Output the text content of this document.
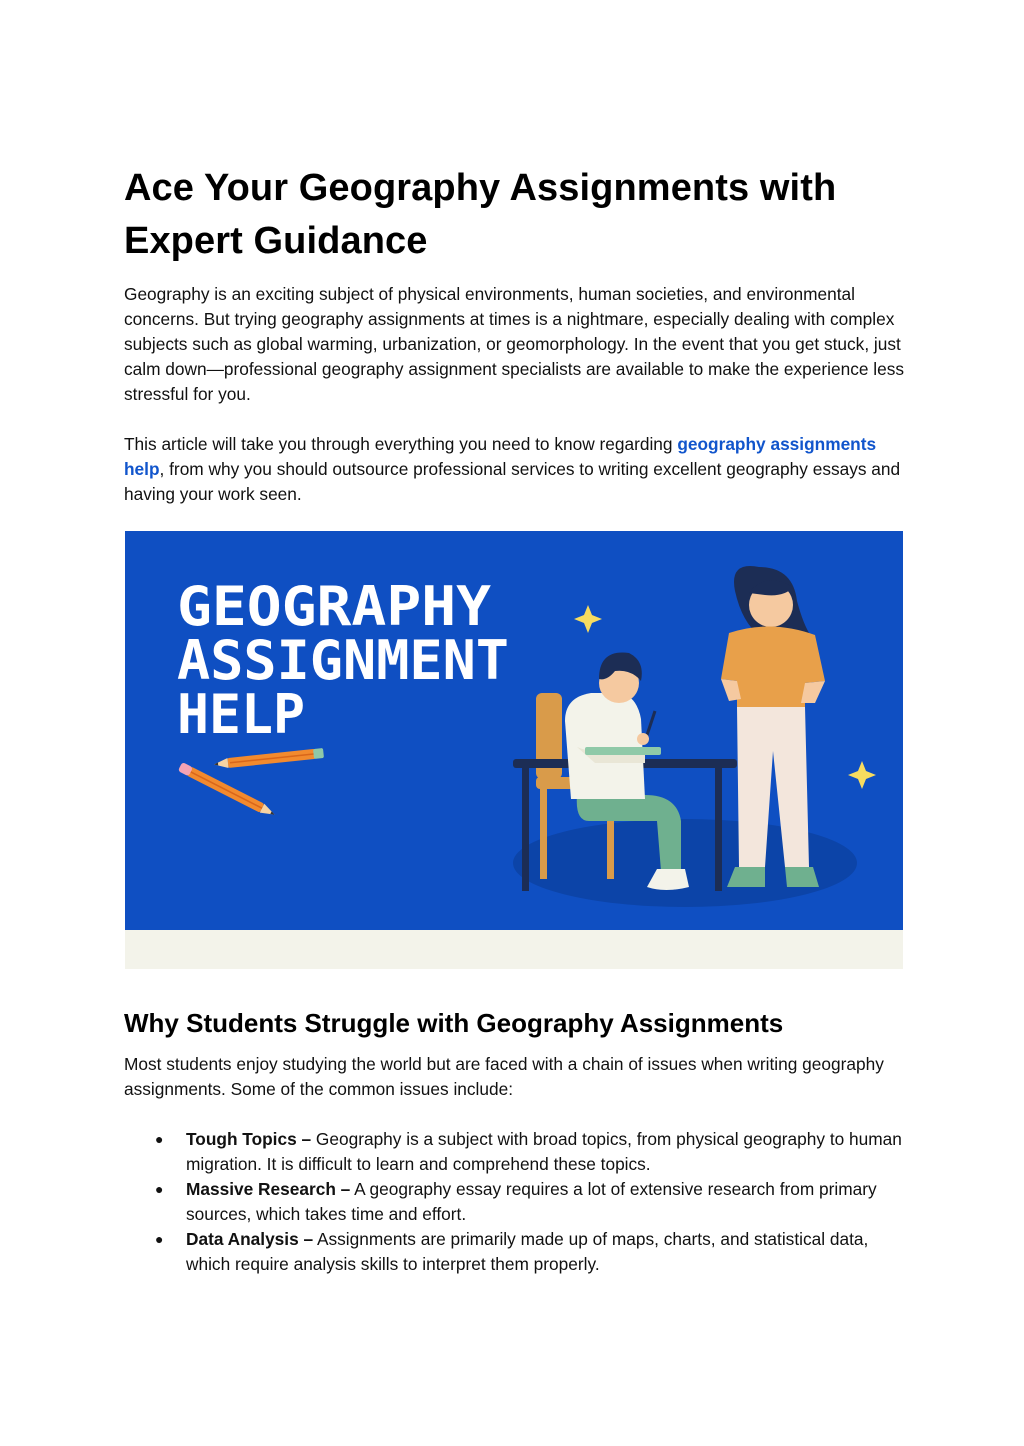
Ace Your Geography Assignments with Expert Guidance

Geography is an exciting subject of physical environments, human societies, and environmental concerns. But trying geography assignments at times is a nightmare, especially dealing with complex subjects such as global warming, urbanization, or geomorphology. In the event that you get stuck, just calm down—professional geography assignment specialists are available to make the experience less stressful for you.

This article will take you through everything you need to know regarding geography assignments help, from why you should outsource professional services to writing excellent geography essays and having your work seen.

GEOGRAPHY
ASSIGNMENT
HELP
Why Students Struggle with Geography Assignments

Most students enjoy studying the world but are faced with a chain of issues when writing geography assignments. Some of the common issues include:

● Tough Topics – Geography is a subject with broad topics, from physical geography to human migration. It is difficult to learn and comprehend these topics.
● Massive Research – A geography essay requires a lot of extensive research from primary sources, which takes time and effort.
● Data Analysis – Assignments are primarily made up of maps, charts, and statistical data, which require analysis skills to interpret them properly.
